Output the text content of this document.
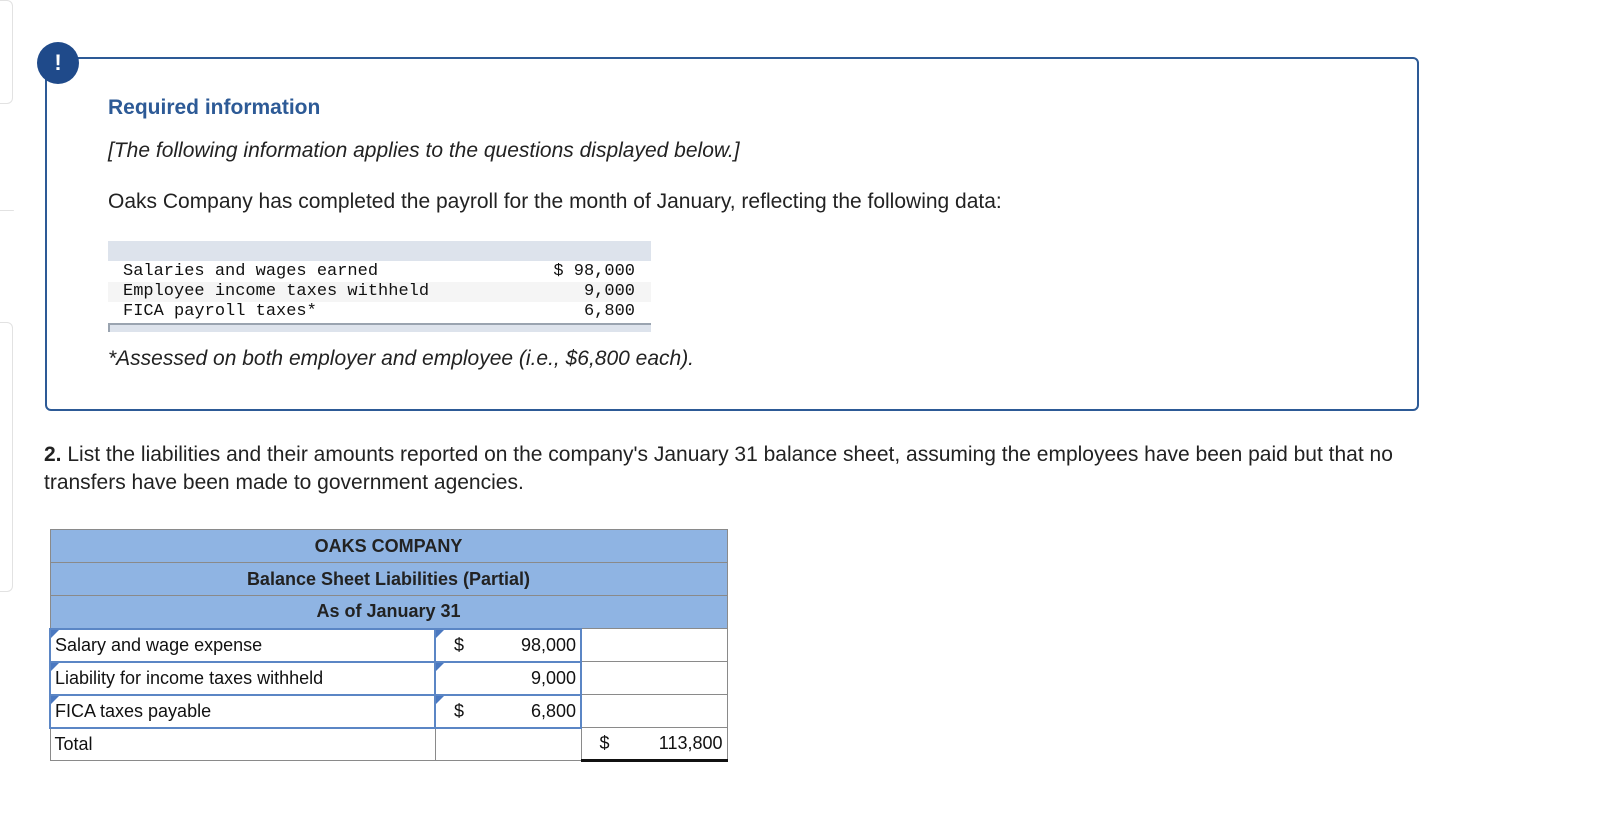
!
Required information
[The following information applies to the questions displayed below.]
Oaks Company has completed the payroll for the month of January, reflecting the following data:
Salaries and wages earned	$ 98,000
Employee income taxes withheld	9,000
FICA payroll taxes*	6,800
*Assessed on both employer and employee (i.e., $6,800 each).
2. List the liabilities and their amounts reported on the company's January 31 balance sheet, assuming the employees have been paid but that no transfers have been made to government agencies.
OAKS COMPANY		
Balance Sheet Liabilities (Partial)		
As of January 31		
Salary and wage expense	$ 98,000	

Liability for income taxes withheld	9,000	

FICA taxes payable	$ 6,800	

Total		$ 113,800
